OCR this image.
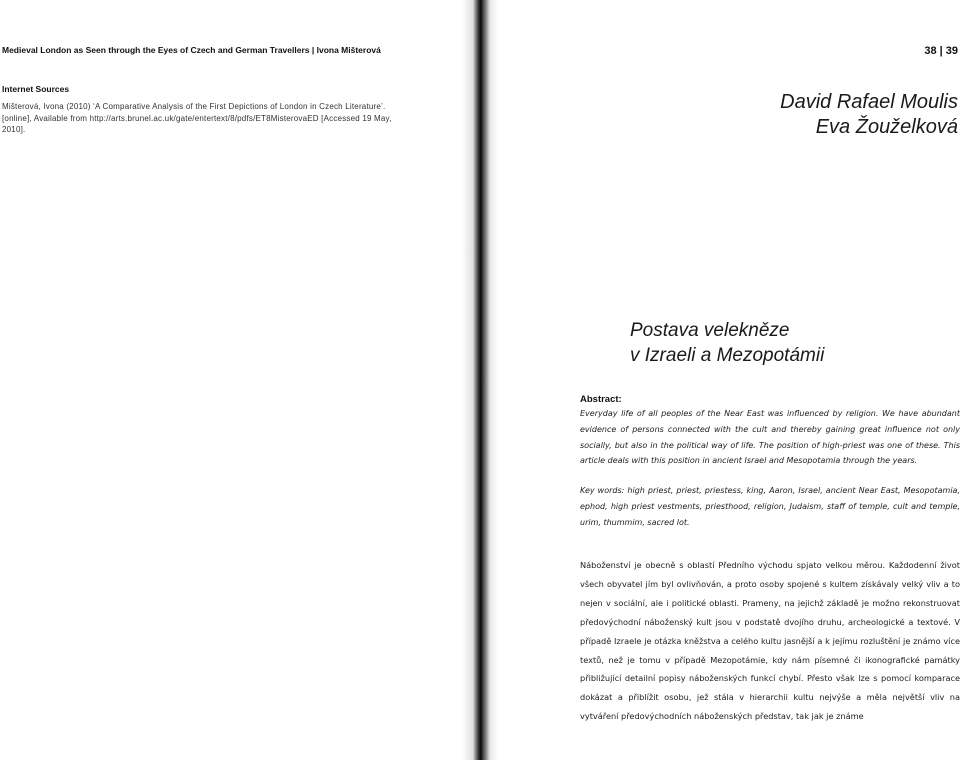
Medieval London as Seen through the Eyes of Czech and German Travellers | Ivona Mišterová
Internet Sources
Mišterová, Ivona (2010) ‘A Comparative Analysis of the First Depictions of London in Czech Literature’. [online], Available from http://arts.brunel.ac.uk/gate/entertext/8/pdfs/ET8MisterovaED [Accessed 19 May, 2010].
38 | 39
David Rafael Moulis
Eva Žouželková
Postava velekněze
v Izraeli a Mezopotámii
Abstract:
Everyday life of all peoples of the Near East was influenced by religion. We have abundant evidence of persons connected with the cult and thereby gaining great influence not only socially, but also in the political way of life. The position of high-priest was one of these. This article deals with this position in ancient Israel and Mesopotamia through the years.
Key words: high priest, priest, priestess, king, Aaron, Israel, ancient Near East, Mesopotamia, ephod, high priest vestments, priesthood, religion, Judaism, staff of temple, cult and temple, urim, thummim, sacred lot.
Náboženství je obecně s oblastí Předního východu spjato velkou měrou. Každodenní život všech obyvatel jím byl ovlivňován, a proto osoby spojené s kultem získávaly velký vliv a to nejen v sociální, ale i politické oblasti. Prameny, na jejichž základě je možno rekonstruovat předovýchodní náboženský kult jsou v podstatě dvojího druhu, archeologické a textové. V případě Izraele je otázka kněžstva a celého kultu jasnější a k jejímu rozluštění je známo více textů, než je tomu v případě Mezopotámie, kdy nám písemné či ikonografické památky přibližující detailní popisy náboženských funkcí chybí. Přesto však lze s pomocí komparace dokázat a přiblížit osobu, jež stála v hierarchii kultu nejvýše a měla největší vliv na vytváření předovýchodních náboženských představ, tak jak je známe
